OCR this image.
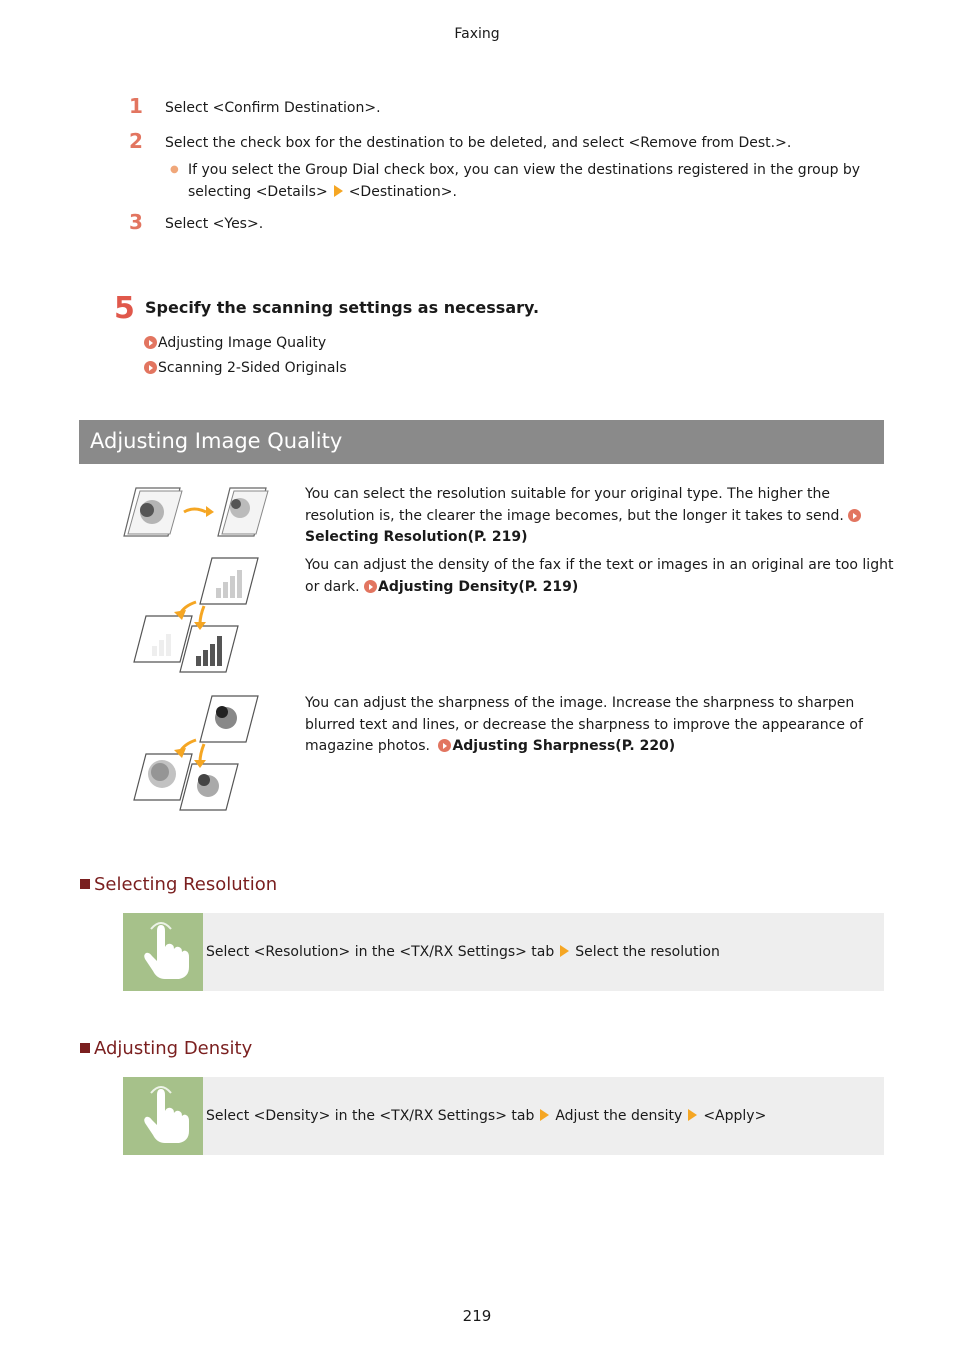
Faxing
1 Select <Confirm Destination>.
2 Select the check box for the destination to be deleted, and select <Remove from Dest.>.
● If you select the Group Dial check box, you can view the destinations registered in the group by
selecting <Details> <Destination>.
3 Select <Yes>.
5 Specify the scanning settings as necessary.
Adjusting Image Quality
Scanning 2-Sided Originals
Adjusting Image Quality
You can select the resolution suitable for your original type. The higher the
resolution is, the clearer the image becomes, but the longer it takes to send.
Selecting Resolution(P. 219)
You can adjust the density of the fax if the text or images in an original are too light
or dark. Adjusting Density(P. 219)
You can adjust the sharpness of the image. Increase the sharpness to sharpen
blurred text and lines, or decrease the sharpness to improve the appearance of
magazine photos. Adjusting Sharpness(P. 220)
Selecting Resolution
Select <Resolution> in the <TX/RX Settings> tab Select the resolution
Adjusting Density
Select <Density> in the <TX/RX Settings> tab Adjust the density <Apply>
219
